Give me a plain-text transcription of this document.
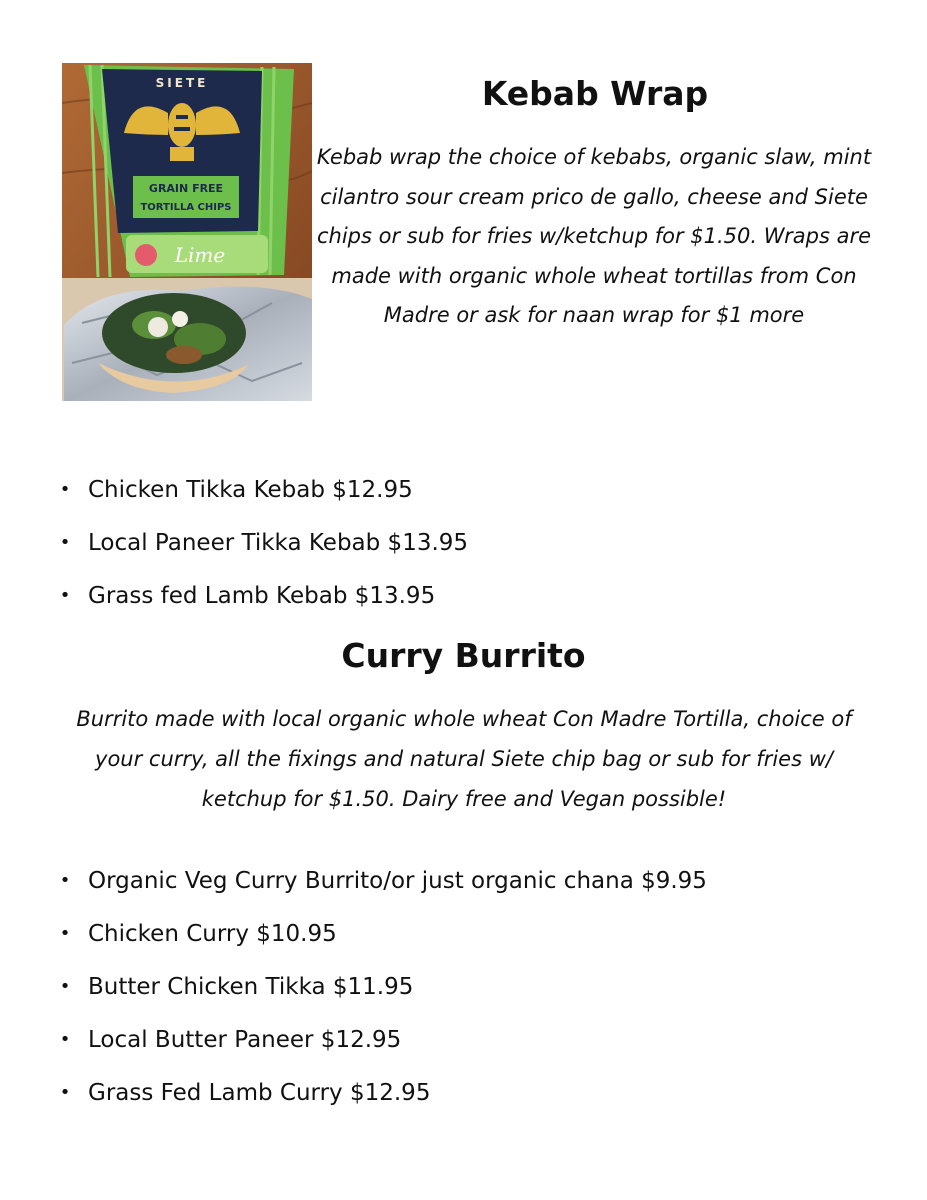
SIETE
GRAIN FREE
TORTILLA CHIPS
Lime
Kebab Wrap

Kebab wrap the choice of kebabs, organic slaw, mint cilantro sour cream prico de gallo, cheese and Siete chips or sub for fries w/ketchup for $1.50. Wraps are made with organic whole wheat tortillas from Con Madre or ask for naan wrap for $1 more

• Chicken Tikka Kebab $12.95
• Local Paneer Tikka Kebab $13.95
• Grass fed Lamb Kebab $13.95
Curry Burrito

Burrito made with local organic whole wheat Con Madre Tortilla, choice of your curry, all the fixings and natural Siete chip bag or sub for fries w/ ketchup for $1.50. Dairy free and Vegan possible!

• Organic Veg Curry Burrito/or just organic chana $9.95
• Chicken Curry $10.95
• Butter Chicken Tikka $11.95
• Local Butter Paneer $12.95
• Grass Fed Lamb Curry $12.95
